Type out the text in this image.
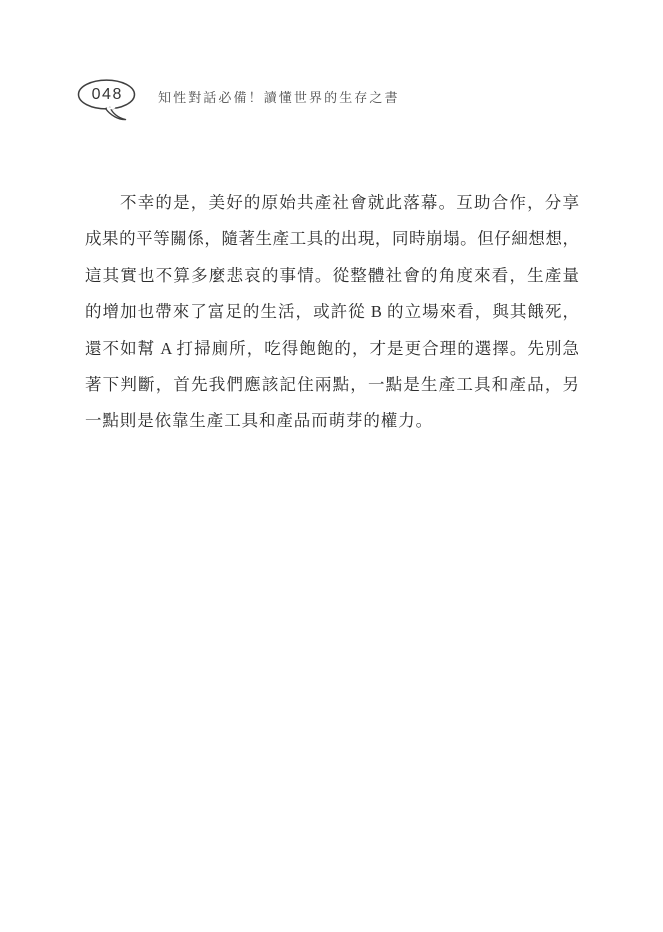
048	知性對話必備！讀懂世界的生存之書
不幸的是，美好的原始共產社會就此落幕。互助合作，分享
成果的平等關係，隨著生產工具的出現，同時崩塌。但仔細想想，
這其實也不算多麼悲哀的事情。從整體社會的角度來看，生產量
的增加也帶來了富足的生活，或許從 B 的立場來看，與其餓死，
還不如幫 A 打掃廁所，吃得飽飽的，才是更合理的選擇。先別急
著下判斷，首先我們應該記住兩點，一點是生產工具和產品，另
一點則是依靠生產工具和產品而萌芽的權力。
